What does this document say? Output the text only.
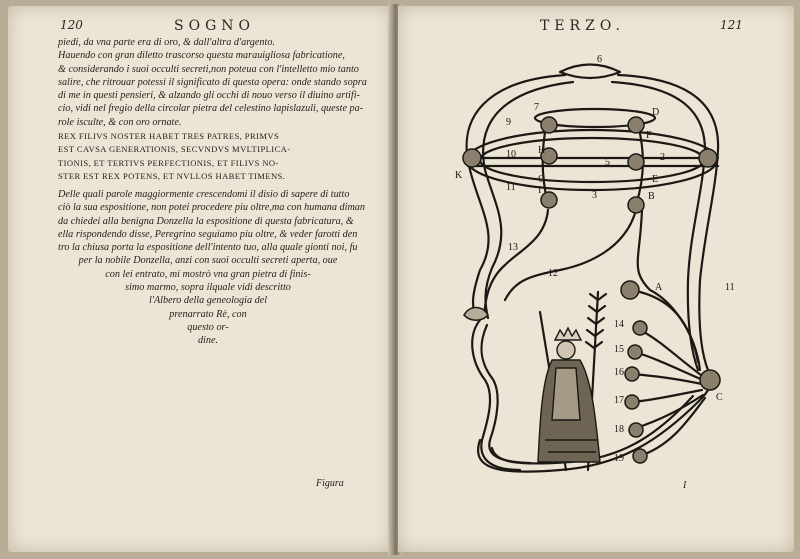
120	SOGNO
piedi, da vna parte era di oro, & dall'altra d'argento.
Hauendo con gran diletto trascorso questa marauigliosa fabricatione,
& considerando i suoi occulti secreti,non poteua con l'intelletto mio tanto
salire, che ritrouar potessi il significato di questa opera: onde stando sopra
di me in questi pensieri, & alzando gli occhi di nouo verso il diuino artifi-
cio, vidi nel fregio della circolar pietra del celestino lapislazuli, queste pa-
role isculte, & con oro ornate.
REX FILIVS NOSTER HABET TRES PATRES, PRIMVS
EST CAVSA GENERATIONIS, SECVNDVS MVLTIPLICA-
TIONIS, ET TERTIVS PERFECTIONIS, ET FILIVS NO-
STER EST REX POTENS, ET NVLLOS HABET TIMENS.
Delle quali parole maggiormente crescendomi il disio di sapere di tutto
ciò la sua espositione, non potei procedere piu oltre,ma con humana diman
da chiedei alla benigna Donzella la espositione di questa fabricatura, &
ella rispondendo disse, Peregrino seguiamo piu oltre, & veder farotti den
tro la chiusa porta la espositione dell'intento tuo, alla quale gionti noi, fu
per la nobile Donzella, anzi con suoi occulti secreti aperta, oue
con lei entrato, mi mostrò vna gran pietra di finis-
simo marmo, sopra ilquale vidi descritto
l'Albero della geneologia del
prenarrato Rè, con
questo or-
dine.
Figura
TERZO.	121
6
7
9
10
11
3
2
5
13
12
11
14
15
16
17
18
19
A
B
C
D
E
F
G
H
I
K
I
